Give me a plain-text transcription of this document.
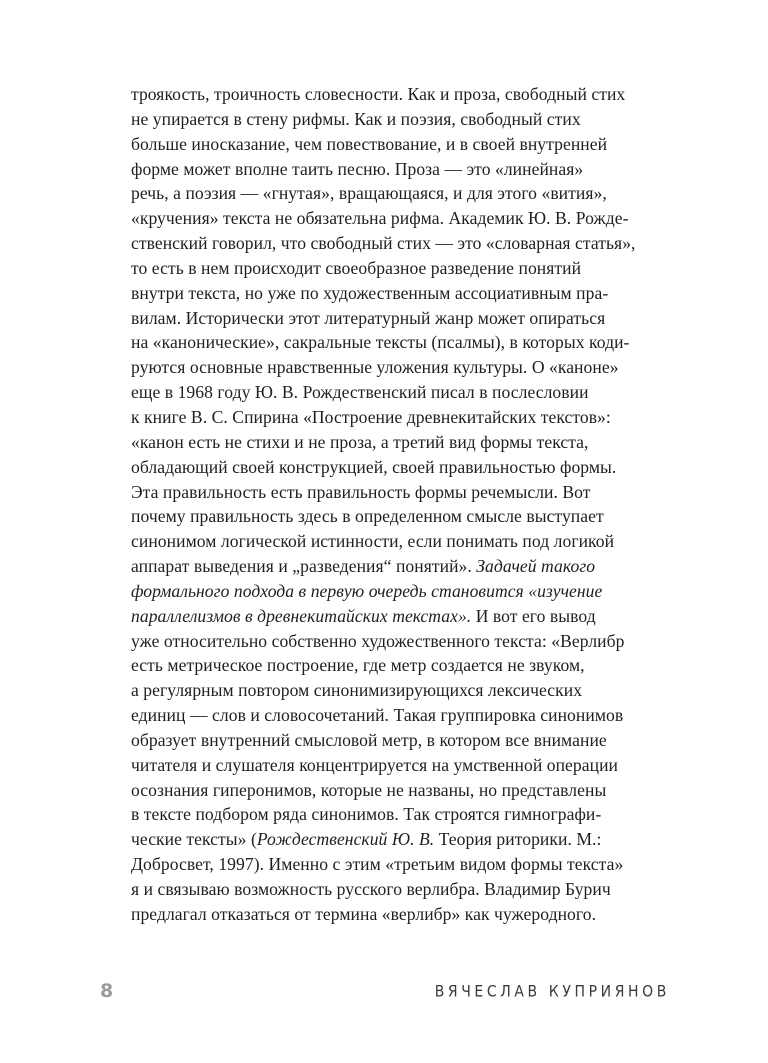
троякость, троичность словесности. Как и проза, свободный стих
не упирается в стену рифмы. Как и поэзия, свободный стих
больше иносказание, чем повествование, и в своей внутренней
форме может вполне таить песню. Проза — это «линейная»
речь, а поэзия — «гнутая», вращающаяся, и для этого «вития»,
«кручения» текста не обязательна рифма. Академик Ю. В. Рожде-
ственский говорил, что свободный стих — это «словарная статья»,
то есть в нем происходит своеобразное разведение понятий
внутри текста, но уже по художественным ассоциативным пра-
вилам. Исторически этот литературный жанр может опираться
на «канонические», сакральные тексты (псалмы), в которых коди-
руются основные нравственные уложения культуры. О «каноне»
еще в 1968 году Ю. В. Рождественский писал в послесловии
к книге В. С. Спирина «Построение древнекитайских текстов»:
«канон есть не стихи и не проза, а третий вид формы текста,
обладающий своей конструкцией, своей правильностью формы.
Эта правильность есть правильность формы речемысли. Вот
почему правильность здесь в определенном смысле выступает
синонимом логической истинности, если понимать под логикой
аппарат выведения и „разведения“ понятий». Задачей такого
формального подхода в первую очередь становится «изучение
параллелизмов в древнекитайских текстах». И вот его вывод
уже относительно собственно художественного текста: «Верлибр
есть метрическое построение, где метр создается не звуком,
а регулярным повтором синонимизирующихся лексических
единиц — слов и словосочетаний. Такая группировка синонимов
образует внутренний смысловой метр, в котором все внимание
читателя и слушателя концентрируется на умственной операции
осознания гиперонимов, которые не названы, но представлены
в тексте подбором ряда синонимов. Так строятся гимнографи-
ческие тексты» (Рождественский Ю. В. Теория риторики. М.:
Добросвет, 1997). Именно с этим «третьим видом формы текста»
я и связываю возможность русского верлибра. Владимир Бурич
предлагал отказаться от термина «верлибр» как чужеродного.
8	ВЯЧЕСЛАВ КУПРИЯНОВ
